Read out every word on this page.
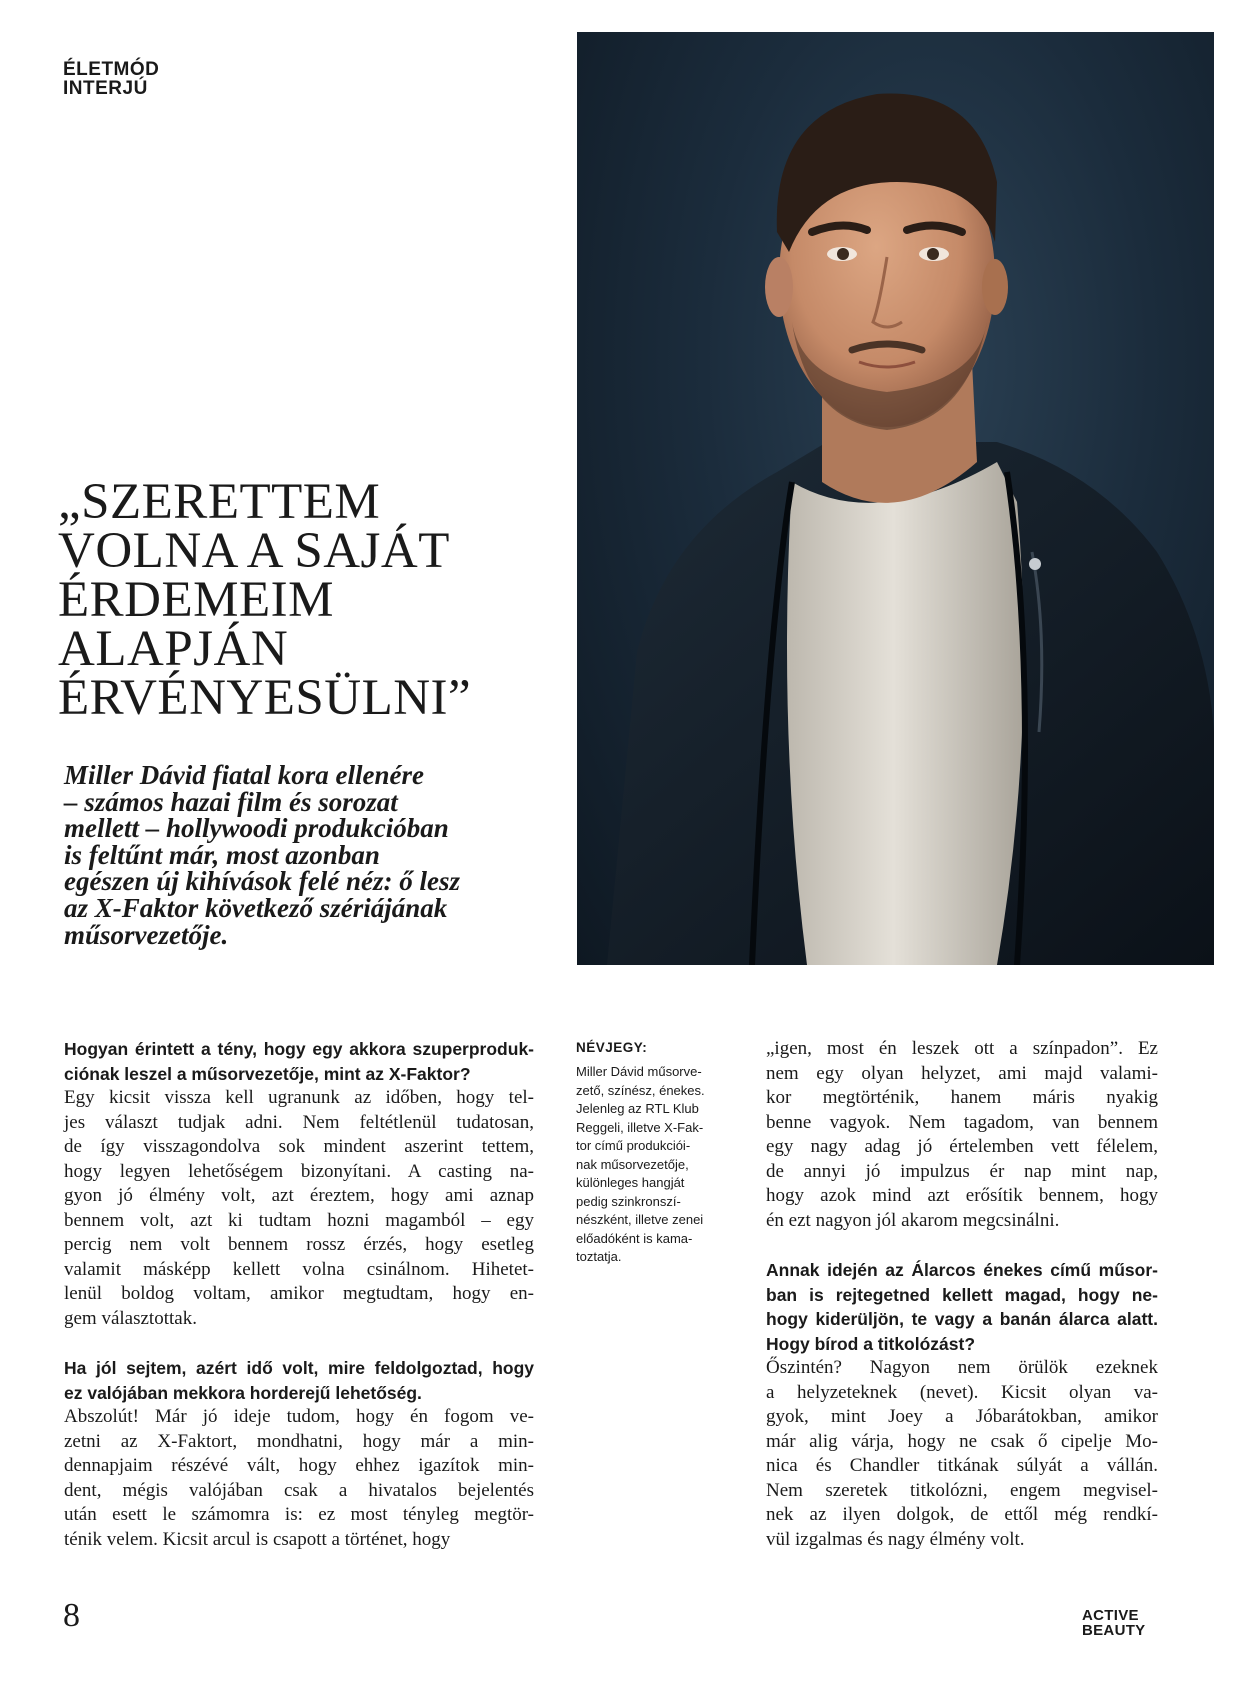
ÉLETMÓD
INTERJÚ
„SZERETTEM
VOLNA A SAJÁT
ÉRDEMEIM
ALAPJÁN
ÉRVÉNYESÜLNI”

Miller Dávid fiatal kora ellenére
– számos hazai film és sorozat
mellett – hollywoodi produkcióban
is feltűnt már, most azonban
egészen új kihívások felé néz: ő lesz
az X-Faktor következő szériájának
műsorvezetője.

Hogyan érintett a tény, hogy egy akkora szuperproduk-
ciónak leszel a műsorvezetője, mint az X-Faktor?

Egy kicsit vissza kell ugranunk az időben, hogy tel-
jes választ tudjak adni. Nem feltétlenül tudatosan,
de így visszagondolva sok mindent aszerint tettem,
hogy legyen lehetőségem bizonyítani. A casting na-
gyon jó élmény volt, azt éreztem, hogy ami aznap
bennem volt, azt ki tudtam hozni magamból – egy
percig nem volt bennem rossz érzés, hogy esetleg
valamit másképp kellett volna csinálnom. Hihetet-
lenül boldog voltam, amikor megtudtam, hogy en-
gem választottak.

Ha jól sejtem, azért idő volt, mire feldolgoztad, hogy
ez valójában mekkora horderejű lehetőség.

Abszolút! Már jó ideje tudom, hogy én fogom ve-
zetni az X-Faktort, mondhatni, hogy már a min-
dennapjaim részévé vált, hogy ehhez igazítok min-
dent, mégis valójában csak a hivatalos bejelentés
után esett le számomra is: ez most tényleg megtör-
ténik velem. Kicsit arcul is csapott a történet, hogy

NÉVJEGY:

Miller Dávid műsorve-
zető, színész, énekes.
Jelenleg az RTL Klub
Reggeli, illetve X-Fak-
tor című produkciói-
nak műsorvezetője,
különleges hangját
pedig szinkronszí-
nészként, illetve zenei
előadóként is kama-
toztatja.

„igen, most én leszek ott a színpadon”. Ez
nem egy olyan helyzet, ami majd valami-
kor megtörténik, hanem máris nyakig
benne vagyok. Nem tagadom, van bennem
egy nagy adag jó értelemben vett félelem,
de annyi jó impulzus ér nap mint nap,
hogy azok mind azt erősítik bennem, hogy
én ezt nagyon jól akarom megcsinálni.

Annak idején az Álarcos énekes című műsor-
ban is rejtegetned kellett magad, hogy ne-
hogy kiderüljön, te vagy a banán álarca alatt.
Hogy bírod a titkolózást?

Őszintén? Nagyon nem örülök ezeknek
a helyzeteknek (nevet). Kicsit olyan va-
gyok, mint Joey a Jóbarátokban, amikor
már alig várja, hogy ne csak ő cipelje Mo-
nica és Chandler titkának súlyát a vállán.
Nem szeretek titkolózni, engem megvisel-
nek az ilyen dolgok, de ettől még rendkí-
vül izgalmas és nagy élmény volt.

8	ACTIVE
BEAUTY
